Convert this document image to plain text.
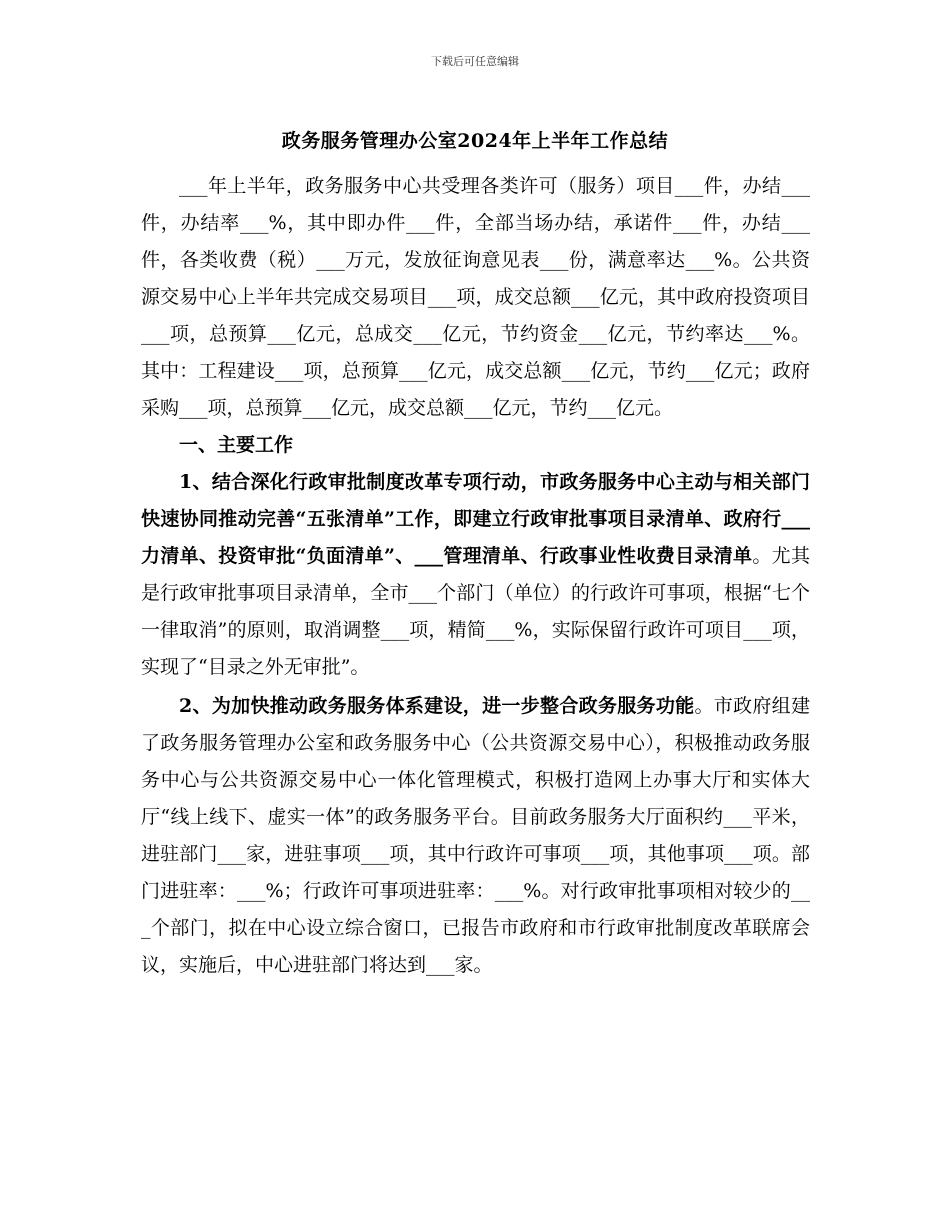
下载后可任意编辑
政务服务管理办公室2024年上半年工作总结

___年上半年，政务服务中心共受理各类许可（服务）项目___件，办结___件，办结率___%，其中即办件___件，全部当场办结，承诺件___件，办结___件，各类收费（税）___万元，发放征询意见表___份，满意率达___%。公共资源交易中心上半年共完成交易项目___项，成交总额___亿元，其中政府投资项目___项，总预算___亿元，总成交___亿元，节约资金___亿元，节约率达___%。其中：工程建设___项，总预算___亿元，成交总额___亿元，节约___亿元；政府采购___项，总预算___亿元，成交总额___亿元，节约___亿元。

一、主要工作

1、结合深化行政审批制度改革专项行动，市政务服务中心主动与相关部门快速协同推动完善“五张清单”工作，即建立行政审批事项目录清单、政府行___力清单、投资审批“负面清单”、___管理清单、行政事业性收费目录清单。尤其是行政审批事项目录清单，全市___个部门（单位）的行政许可事项，根据“七个一律取消”的原则，取消调整___项，精简___%，实际保留行政许可项目___项，实现了“目录之外无审批”。

2、为加快推动政务服务体系建设，进一步整合政务服务功能。市政府组建了政务服务管理办公室和政务服务中心（公共资源交易中心），积极推动政务服务中心与公共资源交易中心一体化管理模式，积极打造网上办事大厅和实体大厅“线上线下、虚实一体”的政务服务平台。目前政务服务大厅面积约___平米，进驻部门___家，进驻事项___项，其中行政许可事项___项，其他事项___项。部门进驻率：___%；行政许可事项进驻率：___%。对行政审批事项相对较少的___个部门，拟在中心设立综合窗口，已报告市政府和市行政审批制度改革联席会议，实施后，中心进驻部门将达到___家。
